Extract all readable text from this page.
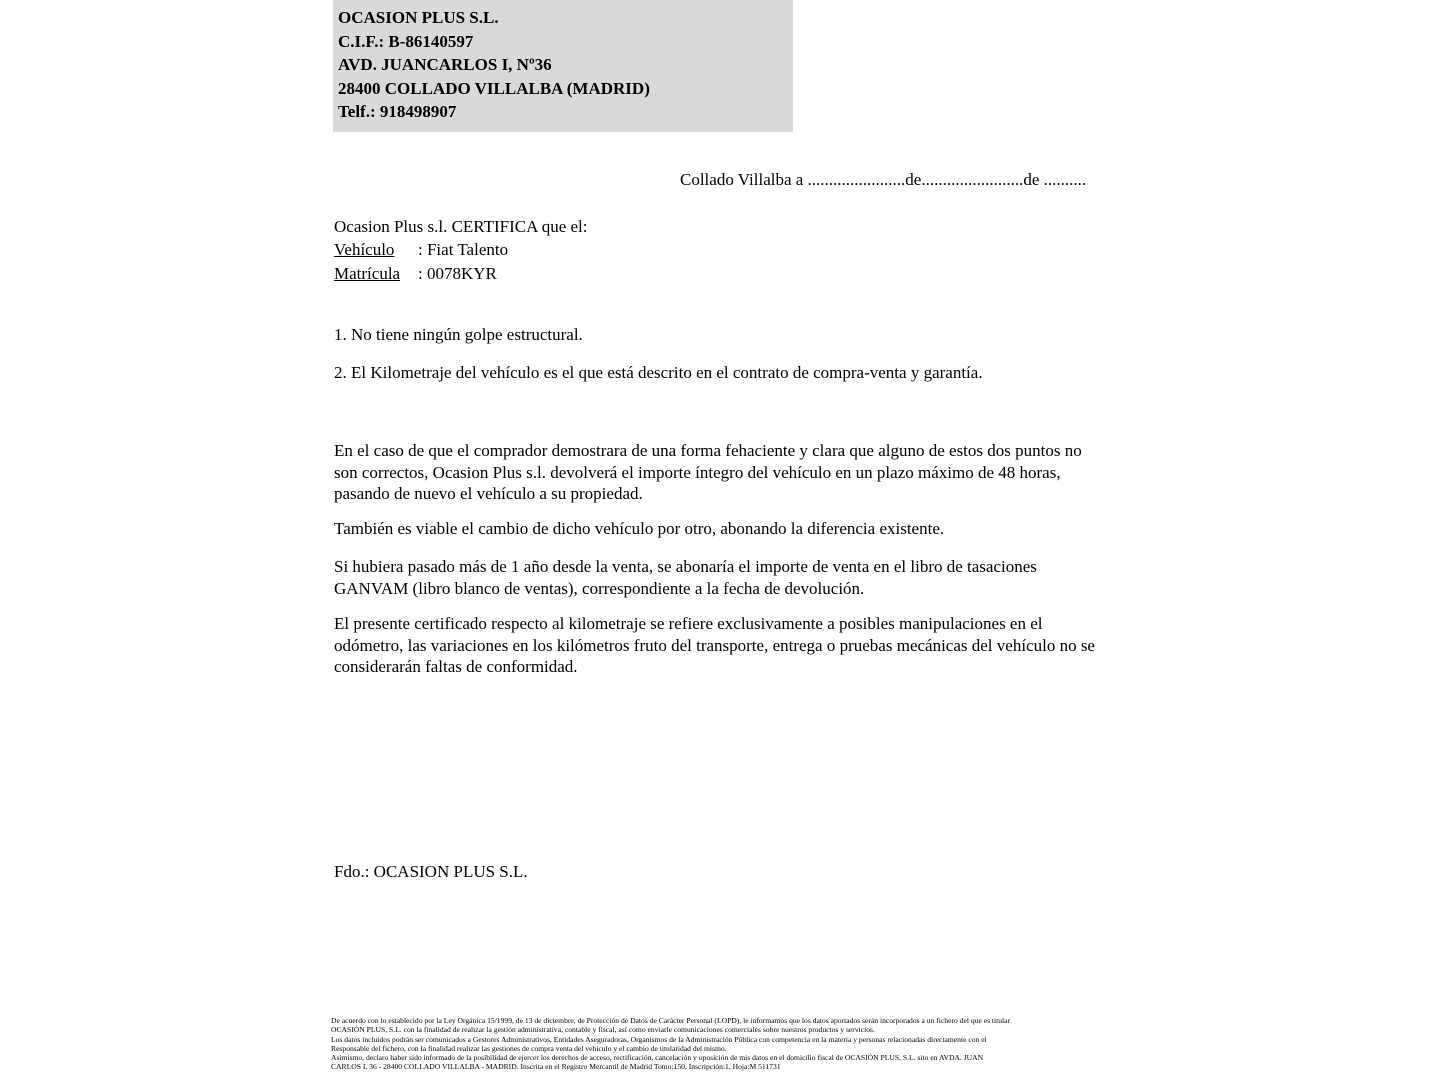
OCASION PLUS S.L.
C.I.F.: B-86140597
AVD. JUANCARLOS I, Nº36
28400 COLLADO VILLALBA (MADRID)
Telf.: 918498907
Collado Villalba a .......................de........................de ..........
Ocasion Plus s.l. CERTIFICA que el:
Vehículo	: Fiat Talento
Matrícula	: 0078KYR
1. No tiene ningún golpe estructural.
2. El Kilometraje del vehículo es el que está descrito en el contrato de compra-venta y garantía.
En el caso de que el comprador demostrara de una forma fehaciente y clara que alguno de estos dos puntos no son correctos, Ocasion Plus s.l. devolverá el importe íntegro del vehículo en un plazo máximo de 48 horas, pasando de nuevo el vehículo a su propiedad.
También es viable el cambio de dicho vehículo por otro, abonando la diferencia existente.
Si hubiera pasado más de 1 año desde la venta, se abonaría el importe de venta en el libro de tasaciones GANVAM (libro blanco de ventas), correspondiente a la fecha de devolución.
El presente certificado respecto al kilometraje se refiere exclusivamente a posibles manipulaciones en el odómetro, las variaciones en los kilómetros fruto del transporte, entrega o pruebas mecánicas del vehículo no se considerarán faltas de conformidad.
Fdo.: OCASION PLUS S.L.

De acuerdo con lo establecido por la Ley Orgánica 15/1999, de 13 de diciembre, de Protección de Datos de Carácter Personal (LOPD), le informamos que los datos aportados serán incorporados a un fichero del que es titular

OCASIÓN PLUS, S.L. con la finalidad de realizar la gestión administrativa, contable y fiscal, así como enviarle comunicaciones comerciales sobre nuestros productos y servicios.

Los datos incluidos podrán ser comunicados a Gestores Administrativos, Entidades Aseguradoras, Organismos de la Administración Pública con competencia en la materia y personas relacionadas directamente con el

Responsable del fichero, con la finalidad realizar las gestiones de compra venta del vehículo y el cambio de titularidad del mismo.

Asimismo, declaro haber sido informado de la posibilidad de ejercer los derechos de acceso, rectificación, cancelación y oposición de mis datos en el domicilio fiscal de OCASIÓN PLUS, S.L. sito en AVDA. JUAN

CARLOS I, 36 - 28400 COLLADO VILLALBA - MADRID. Inscrita en el Registro Mercantil de Madrid Tomo:150, Inscripción:1, Hoja:M 511731
